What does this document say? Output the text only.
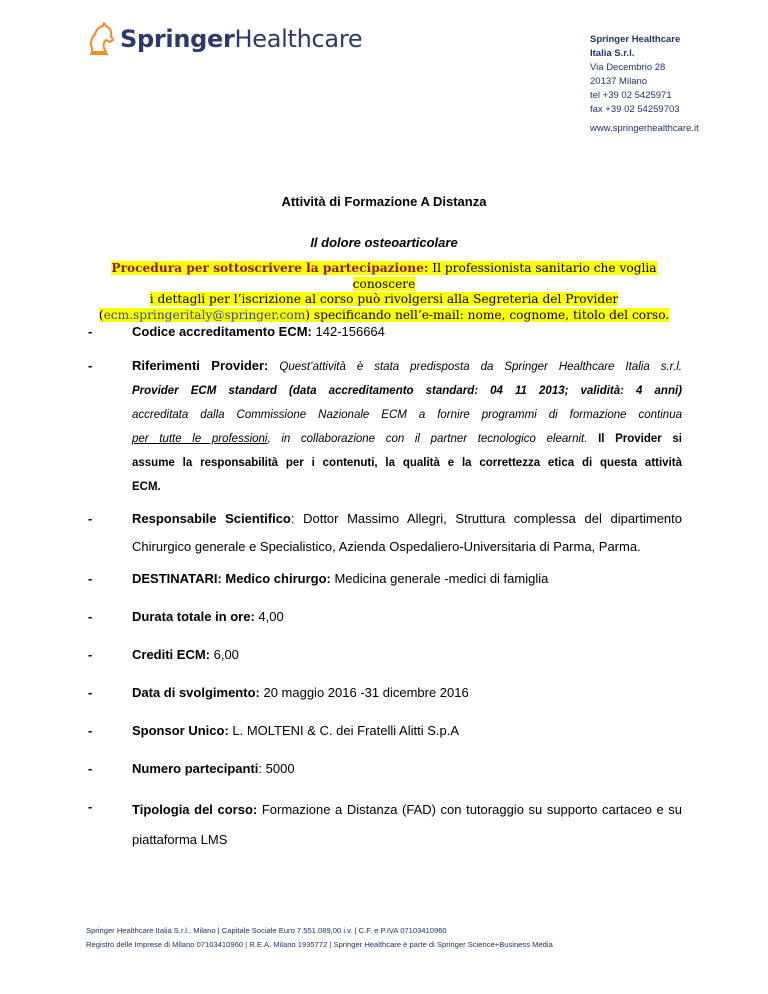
SpringerHealthcare	Springer Healthcare
Italia S.r.l.
Via Decembrio 28
20137 Milano
tel +39 02 5425971
fax +39 02 54259703
www.springerhealthcare.it
Attività di Formazione A Distanza
Il dolore osteoarticolare
Procedura per sottoscrivere la partecipazione: Il professionista sanitario che voglia conoscere
i dettagli per l’iscrizione al corso può rivolgersi alla Segreteria del Provider
(ecm.springeritaly@springer.com) specificando nell’e-mail: nome, cognome, titolo del corso.
-	Codice accreditamento ECM: 142-156664
-	Riferimenti Provider: Quest’attività è stata predisposta da Springer Healthcare Italia s.r.l.
Provider ECM standard (data accreditamento standard: 04 11 2013; validità: 4 anni)
accreditata dalla Commissione Nazionale ECM a fornire programmi di formazione continua
per tutte le professioni, in collaborazione con il partner tecnologico elearnit. Il Provider si
assume la responsabilità per i contenuti, la qualità e la correttezza etica di questa attività
ECM.
-	Responsabile Scientifico: Dottor Massimo Allegri, Struttura complessa del dipartimento Chirurgico generale e Specialistico, Azienda Ospedaliero-Universitaria di Parma, Parma.
-	DESTINATARI: Medico chirurgo: Medicina generale -medici di famiglia
-	Durata totale in ore: 4,00
-	Crediti ECM: 6,00
-	Data di svolgimento: 20 maggio 2016 -31 dicembre 2016
-	Sponsor Unico: L. MOLTENI & C. dei Fratelli Alitti S.p.A
-	Numero partecipanti: 5000
-	Tipologia del corso: Formazione a Distanza (FAD) con tutoraggio su supporto cartaceo e su piattaforma LMS
Springer Healthcare Italia S.r.l., Milano | Capitale Sociale Euro 7.551.089,00 i.v. | C.F. e P.IVA 07103410960
Registro delle Imprese di Milano 07103410960 | R.E.A. Milano 1935772 | Springer Healthcare è parte di Springer Science+Business Media
